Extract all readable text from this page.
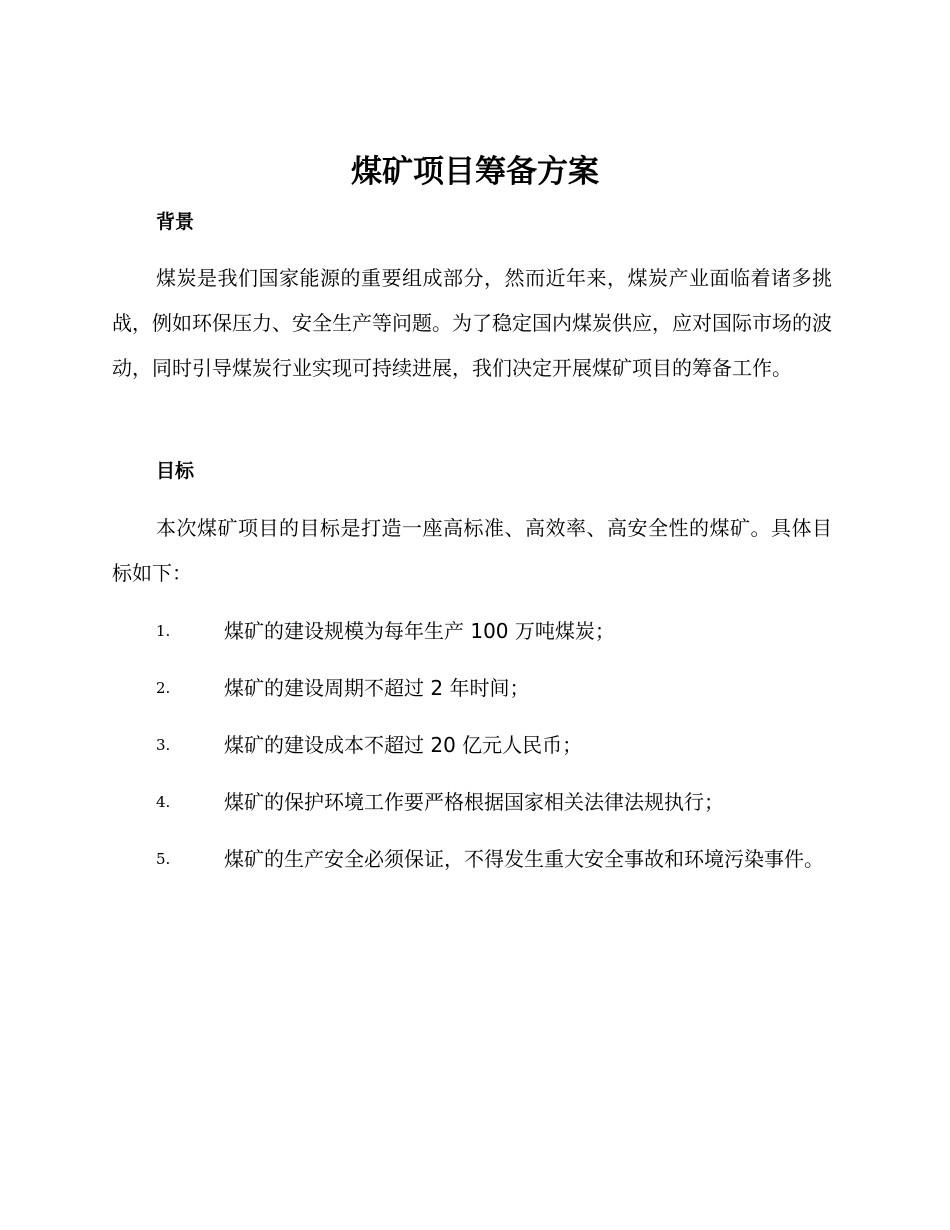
煤矿项目筹备方案
背景

煤炭是我们国家能源的重要组成部分，然而近年来，煤炭产业面临着诸多挑战，例如环保压力、安全生产等问题。为了稳定国内煤炭供应，应对国际市场的波动，同时引导煤炭行业实现可持续进展，我们决定开展煤矿项目的筹备工作。

目标

本次煤矿项目的目标是打造一座高标准、高效率、高安全性的煤矿。具体目标如下：

1.	煤矿的建设规模为每年生产 100 万吨煤炭；
2.	煤矿的建设周期不超过 2 年时间；
3.	煤矿的建设成本不超过 20 亿元人民币；
4.	煤矿的保护环境工作要严格根据国家相关法律法规执行；
5.	煤矿的生产安全必须保证，不得发生重大安全事故和环境污染事件。
